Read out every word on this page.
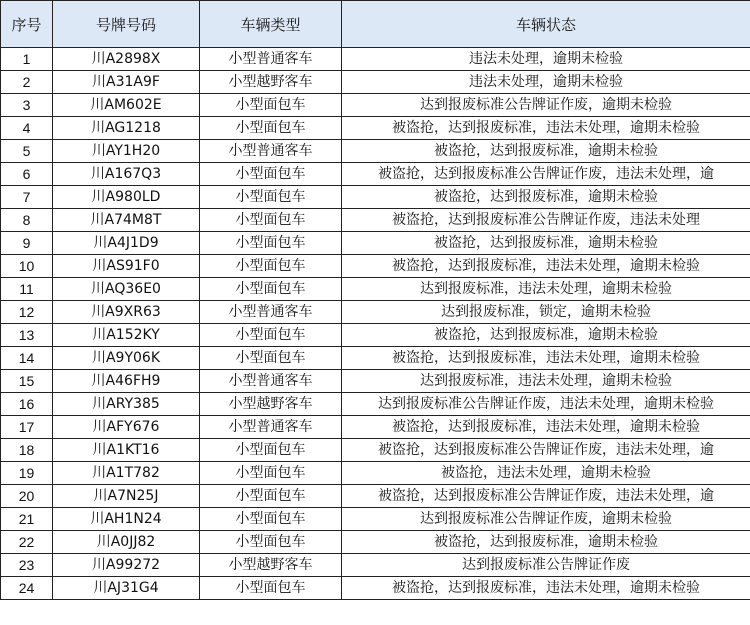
序号	号牌号码	车辆类型	车辆状态
1	川A2898X	小型普通客车	违法未处理，逾期未检验
2	川A31A9F	小型越野客车	违法未处理，逾期未检验
3	川AM602E	小型面包车	达到报废标准公告牌证作废，逾期未检验
4	川AG1218	小型面包车	被盗抢，达到报废标准，违法未处理，逾期未检验
5	川AY1H20	小型普通客车	被盗抢，达到报废标准，逾期未检验
6	川A167Q3	小型面包车	被盗抢，达到报废标准公告牌证作废，违法未处理，逾
7	川A980LD	小型面包车	被盗抢，达到报废标准，逾期未检验
8	川A74M8T	小型面包车	被盗抢，达到报废标准公告牌证作废，违法未处理
9	川A4J1D9	小型面包车	被盗抢，达到报废标准，逾期未检验
10	川AS91F0	小型面包车	被盗抢，达到报废标准，违法未处理，逾期未检验
11	川AQ36E0	小型面包车	达到报废标准，违法未处理，逾期未检验
12	川A9XR63	小型普通客车	达到报废标准，锁定，逾期未检验
13	川A152KY	小型面包车	被盗抢，达到报废标准，逾期未检验
14	川A9Y06K	小型面包车	被盗抢，达到报废标准，违法未处理，逾期未检验
15	川A46FH9	小型普通客车	达到报废标准，违法未处理，逾期未检验
16	川ARY385	小型越野客车	达到报废标准公告牌证作废，违法未处理，逾期未检验
17	川AFY676	小型普通客车	被盗抢，达到报废标准，违法未处理，逾期未检验
18	川A1KT16	小型面包车	被盗抢，达到报废标准公告牌证作废，违法未处理，逾
19	川A1T782	小型面包车	被盗抢，违法未处理，逾期未检验
20	川A7N25J	小型面包车	被盗抢，达到报废标准公告牌证作废，违法未处理，逾
21	川AH1N24	小型面包车	达到报废标准公告牌证作废，逾期未检验
22	川A0JJ82	小型面包车	被盗抢，达到报废标准，逾期未检验
23	川A99272	小型越野客车	达到报废标准公告牌证作废
24	川AJ31G4	小型面包车	被盗抢，达到报废标准，违法未处理，逾期未检验
